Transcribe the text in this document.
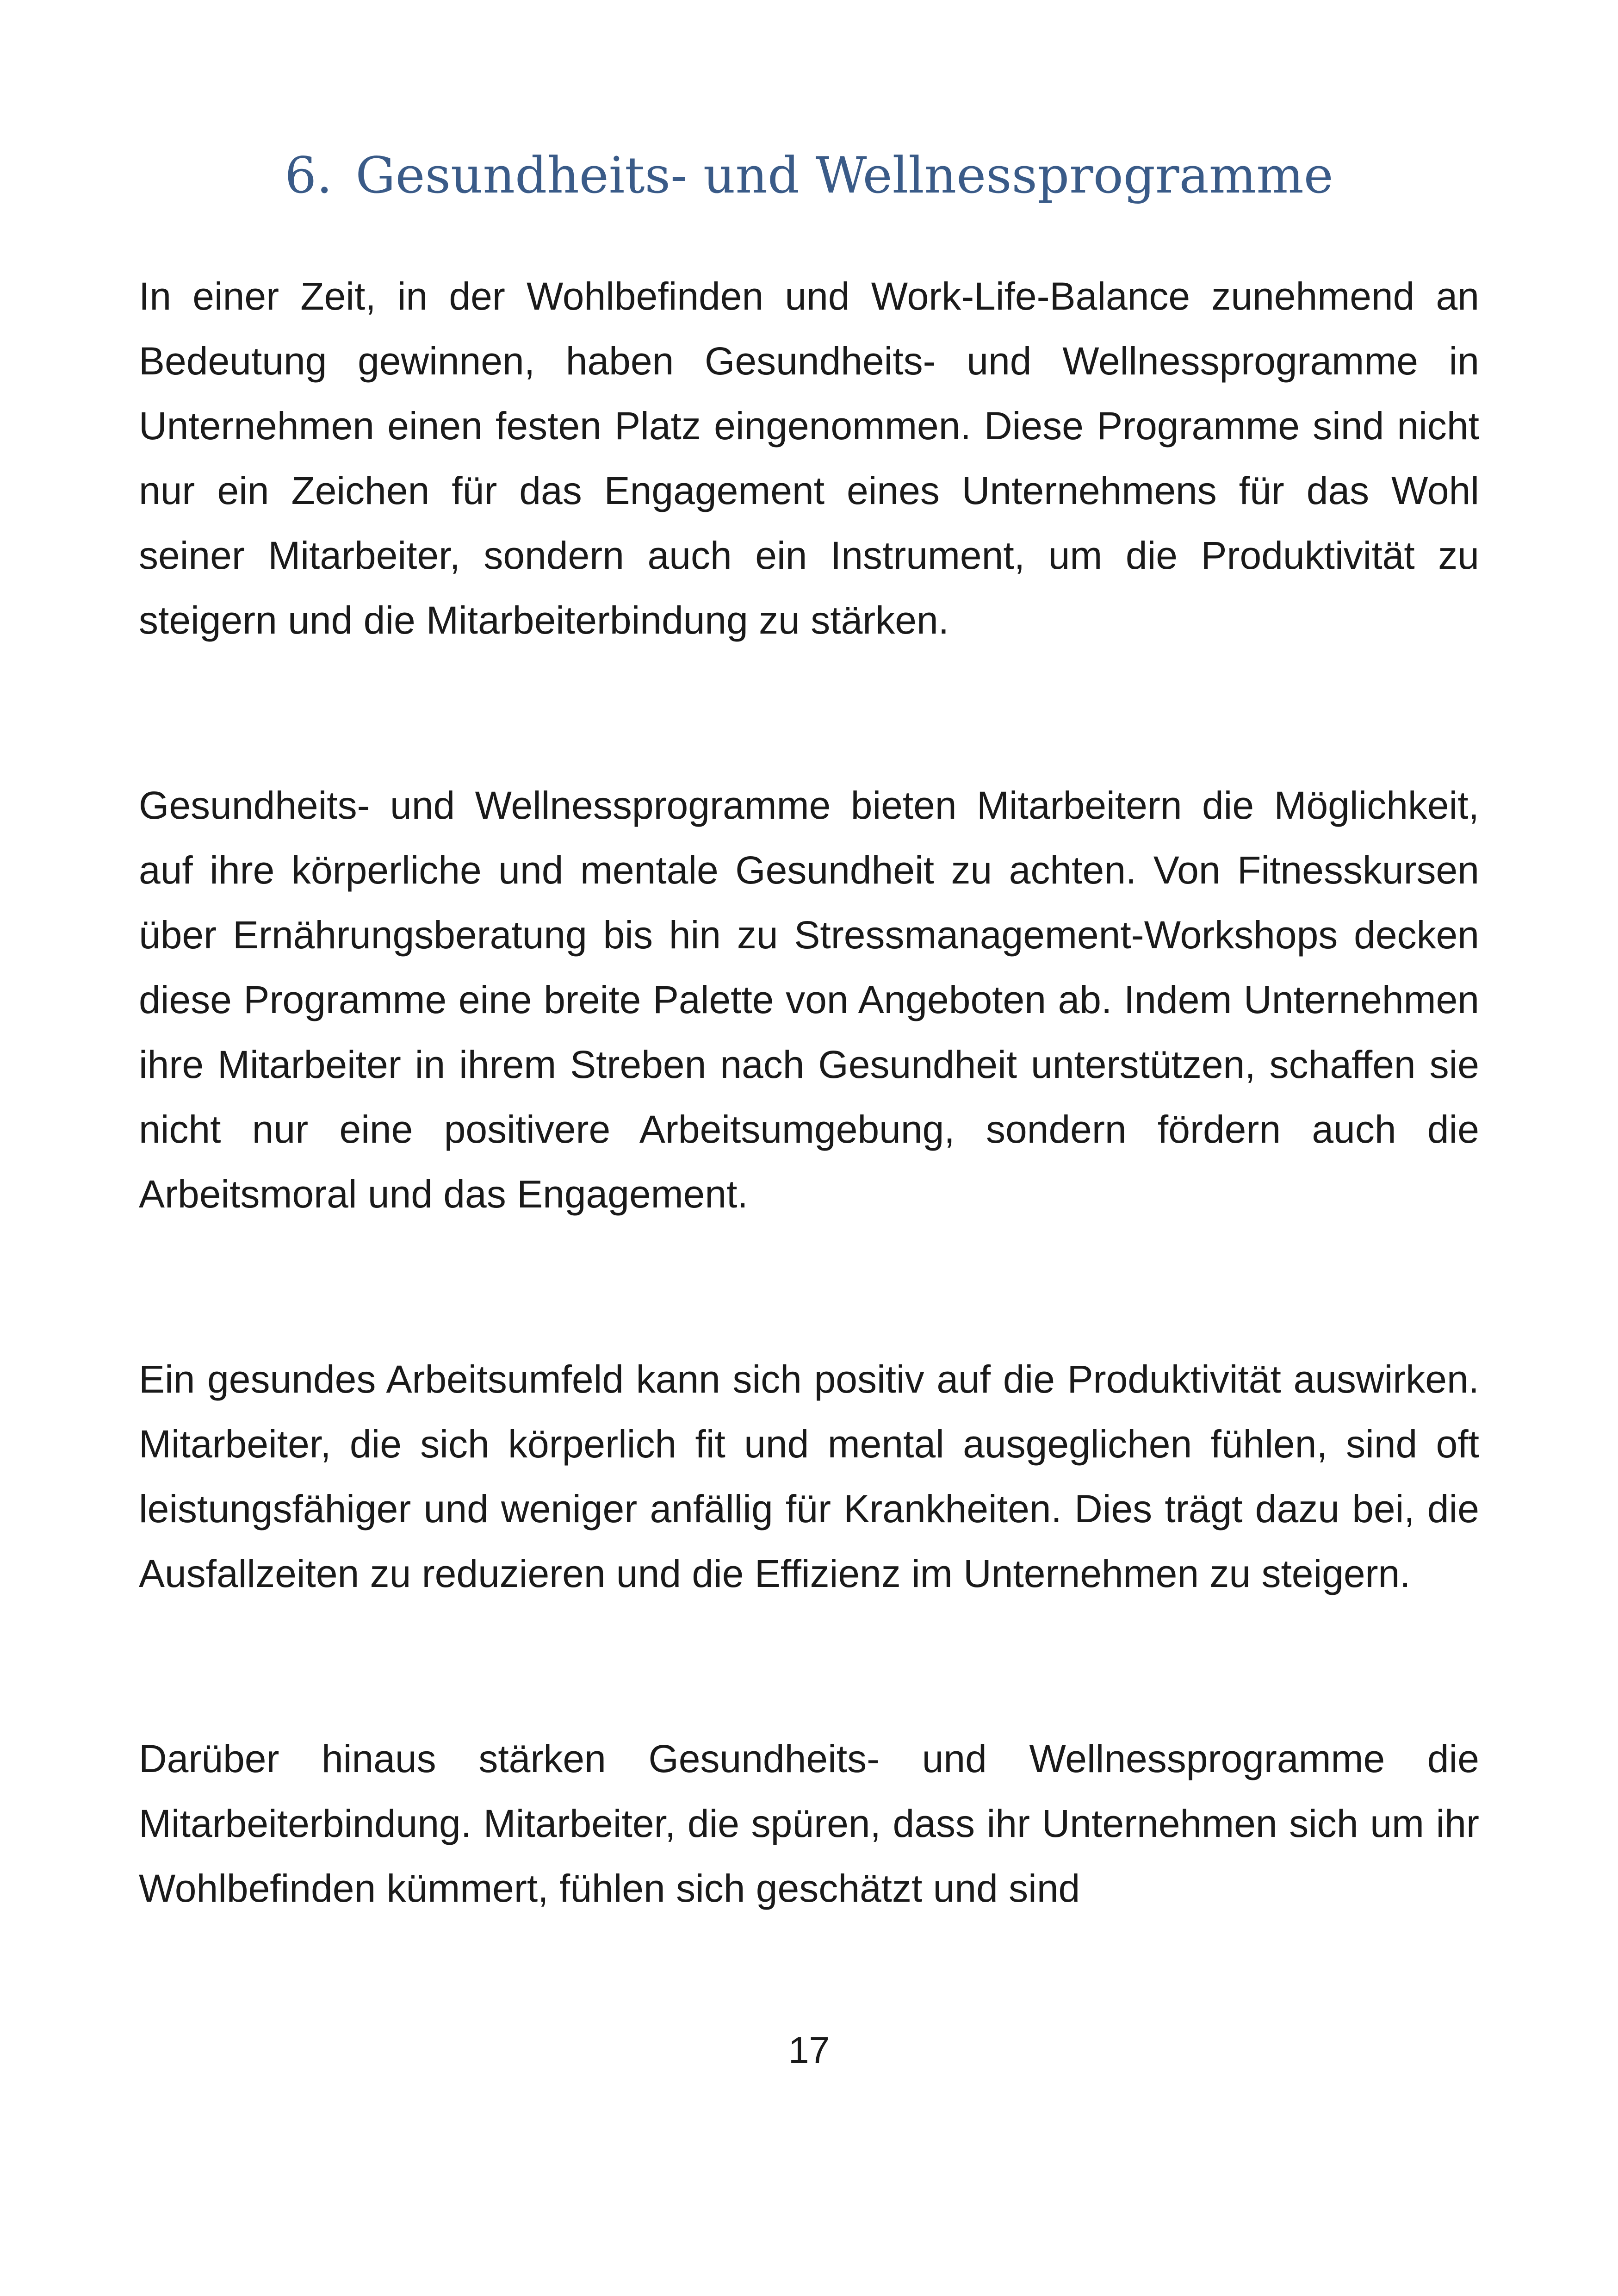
6. Gesundheits- und Wellnessprogramme

In einer Zeit, in der Wohlbefinden und Work-Life-Balance zunehmend an Bedeutung gewinnen, haben Gesundheits- und Wellnessprogramme in Unternehmen einen festen Platz eingenommen. Diese Programme sind nicht nur ein Zeichen für das Engagement eines Unternehmens für das Wohl seiner Mitarbeiter, sondern auch ein Instrument, um die Produktivität zu steigern und die Mitarbeiterbindung zu stärken.

Gesundheits- und Wellnessprogramme bieten Mitarbeitern die Möglichkeit, auf ihre körperliche und mentale Gesundheit zu achten. Von Fitnesskursen über Ernährungsberatung bis hin zu Stressmanagement-Workshops decken diese Programme eine breite Palette von Angeboten ab. Indem Unternehmen ihre Mitarbeiter in ihrem Streben nach Gesundheit unterstützen, schaffen sie nicht nur eine positivere Arbeitsumgebung, sondern fördern auch die Arbeitsmoral und das Engagement.

Ein gesundes Arbeitsumfeld kann sich positiv auf die Produktivität auswirken. Mitarbeiter, die sich körperlich fit und mental ausgeglichen fühlen, sind oft leistungsfähiger und weniger anfällig für Krankheiten. Dies trägt dazu bei, die Ausfallzeiten zu reduzieren und die Effizienz im Unternehmen zu steigern.

Darüber hinaus stärken Gesundheits- und Wellnessprogramme die Mitarbeiterbindung. Mitarbeiter, die spüren, dass ihr Unternehmen sich um ihr Wohlbefinden kümmert, fühlen sich geschätzt und sind

17
